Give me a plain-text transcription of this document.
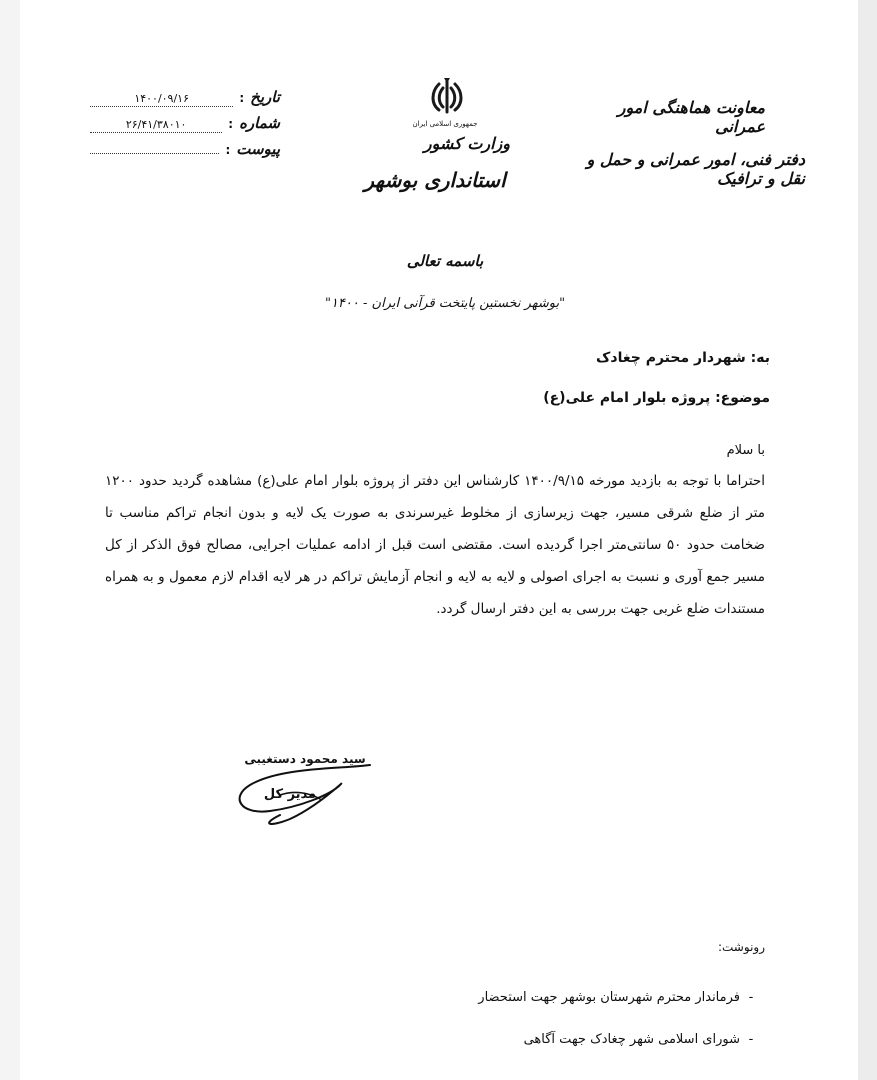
تاریخ
:
۱۴۰۰/۰۹/۱۶
شماره
:
۲۶/۴۱/۳۸۰۱۰
پیوست
:
جمهوری اسلامی ایران
وزارت کشور
استانداری بوشهر
معاونت هماهنگی امور عمرانی
دفتر فنی، امور عمرانی و حمل و نقل و ترافیک
باسمه تعالی
"بوشهر نخستین پایتخت قرآنی ایران - ۱۴۰۰"
به: شهردار محترم چغادک
موضوع: پروژه بلوار امام علی(ع)
با سلام
احتراما با توجه به بازدید مورخه ۱۴۰۰/۹/۱۵ کارشناس این دفتر از پروژه بلوار امام علی(ع) مشاهده گردید حدود ۱۲۰۰ متر از ضلع شرقی مسیر، جهت زیرسازی از مخلوط غیرسرندی به صورت یک لایه و بدون انجام تراکم مناسب تا ضخامت حدود ۵۰ سانتی‌متر اجرا گردیده است. مقتضی است قبل از ادامه عملیات اجرایی، مصالح فوق الذکر از کل مسیر جمع آوری و نسبت به اجرای اصولی و لایه به لایه و انجام آزمایش تراکم در هر لایه اقدام لازم معمول و به همراه مستندات ضلع غربی جهت بررسی به این دفتر ارسال گردد.
سید محمود دستغیبی
مدیر کل
رونوشت:
-
فرماندار محترم شهرستان بوشهر جهت استحضار
-
شورای اسلامی شهر چغادک جهت آگاهی
